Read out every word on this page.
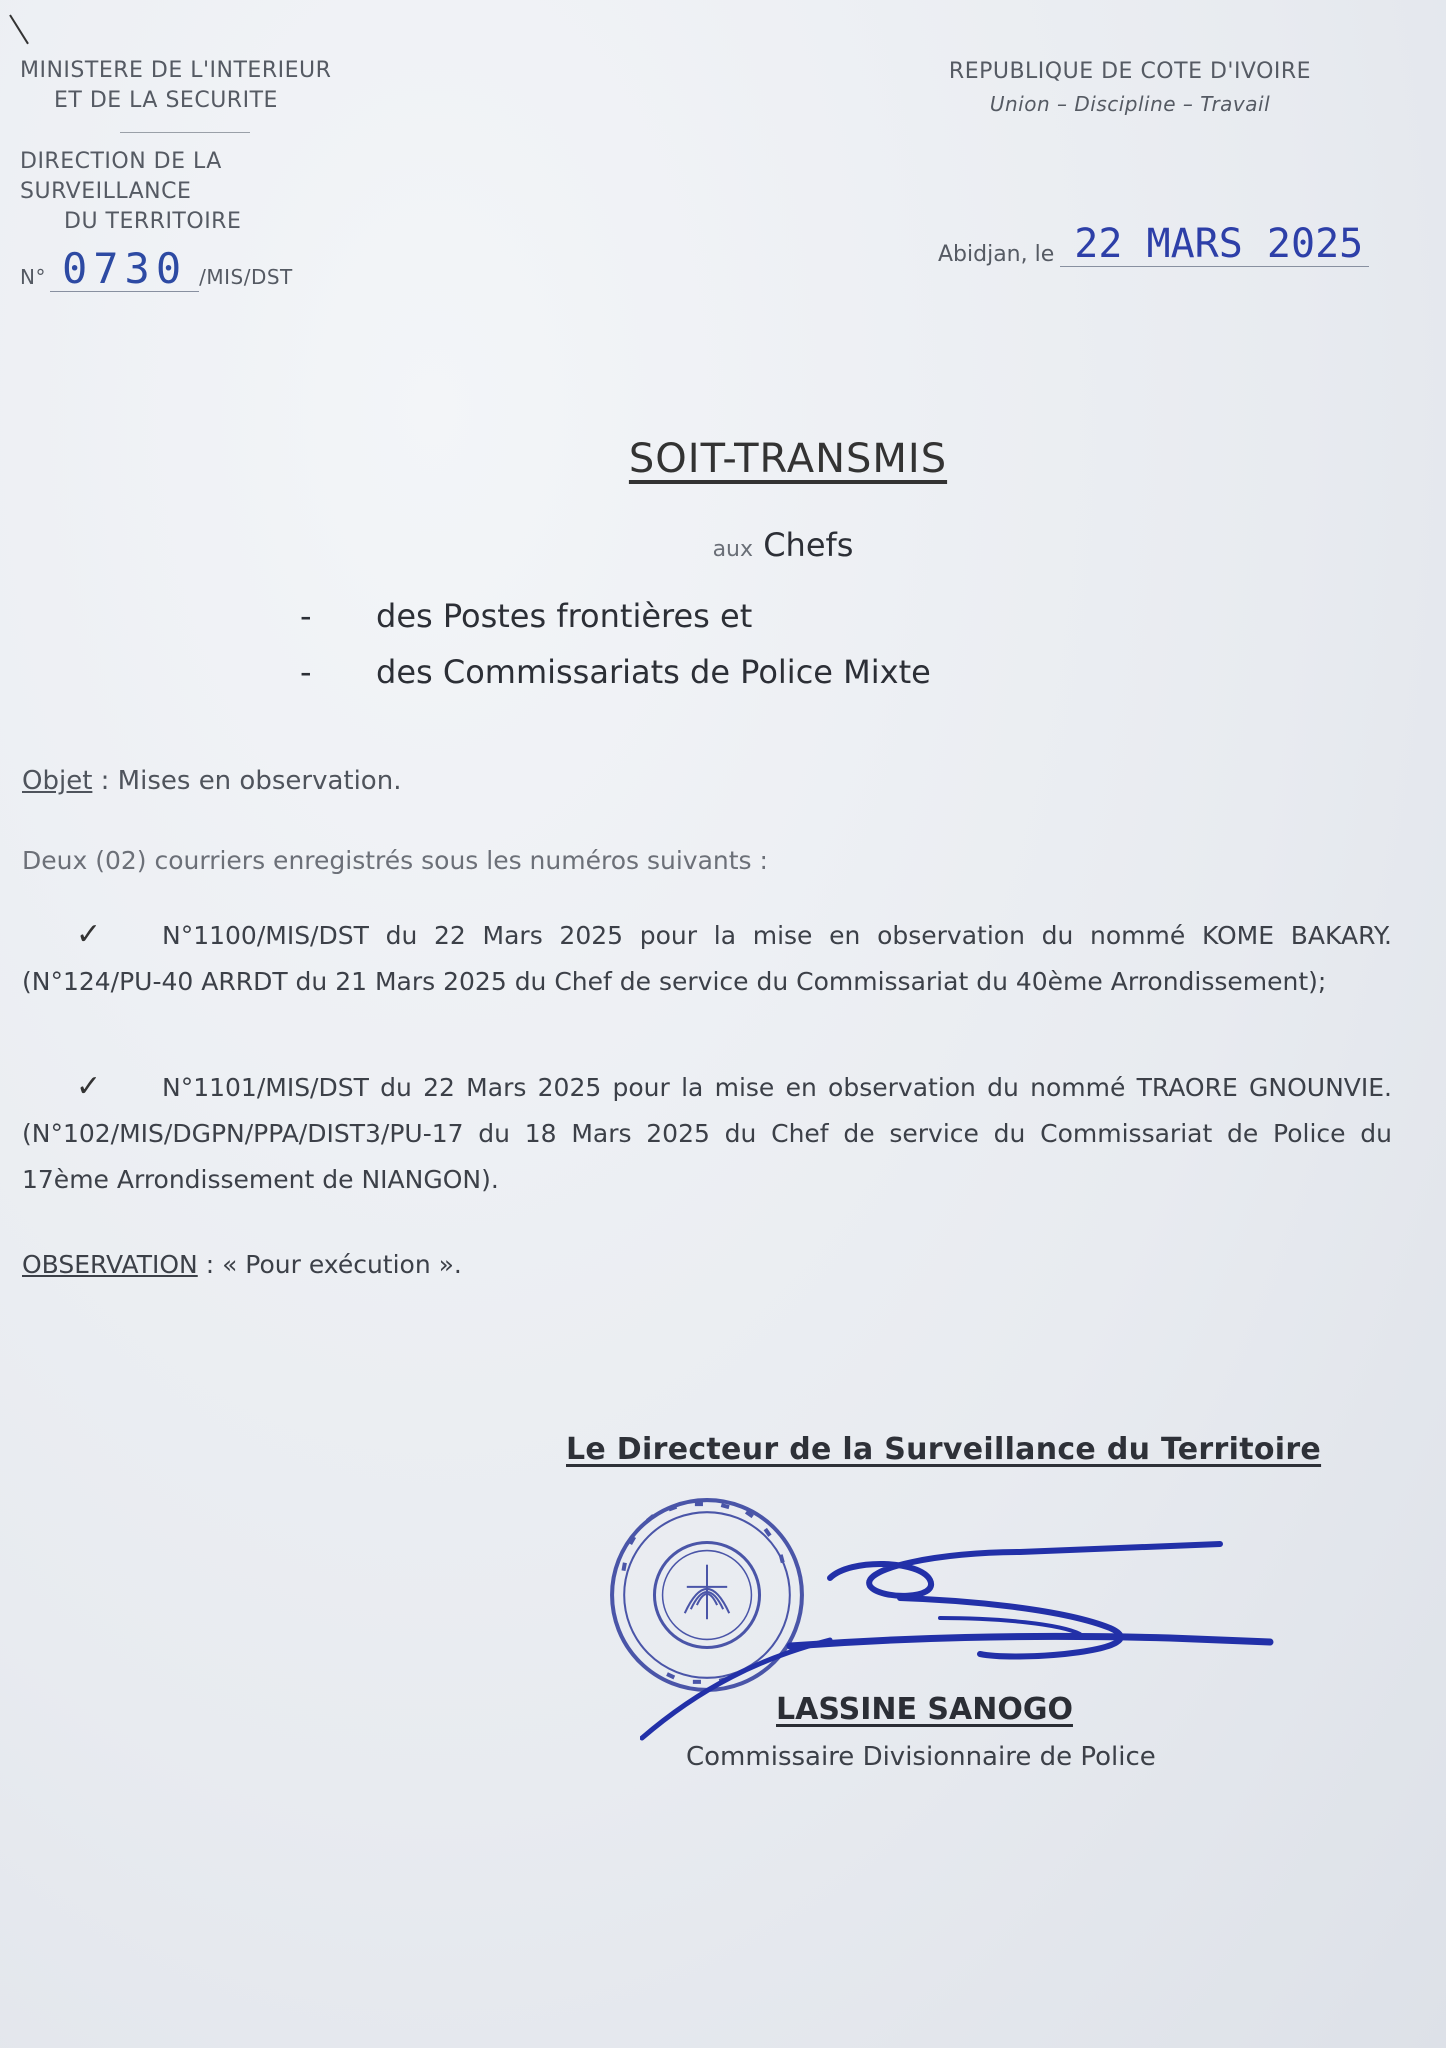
MINISTERE DE L'INTERIEUR
ET DE LA SECURITE
DIRECTION DE LA SURVEILLANCE
DU TERRITOIRE
N° 0730 /MIS/DST
REPUBLIQUE DE COTE D'IVOIRE
Union – Discipline – Travail
Abidjan, le 22 MARS 2025
SOIT-TRANSMIS
aux Chefs
-	des Postes frontières et
-	des Commissariats de Police Mixte
Objet : Mises en observation.
Deux (02) courriers enregistrés sous les numéros suivants :
✓ N°1100/MIS/DST du 22 Mars 2025 pour la mise en observation du nommé KOME BAKARY.(N°124/PU-40 ARRDT du 21 Mars 2025 du Chef de service du Commissariat du 40ème Arrondissement);
✓ N°1101/MIS/DST du 22 Mars 2025 pour la mise en observation du nommé TRAORE GNOUNVIE.(N°102/MIS/DGPN/PPA/DIST3/PU-17 du 18 Mars 2025 du Chef de service du Commissariat de Police du 17ème Arrondissement de NIANGON).
OBSERVATION : « Pour exécution ».
Le Directeur de la Surveillance du Territoire
LASSINE SANOGO
Commissaire Divisionnaire de Police
